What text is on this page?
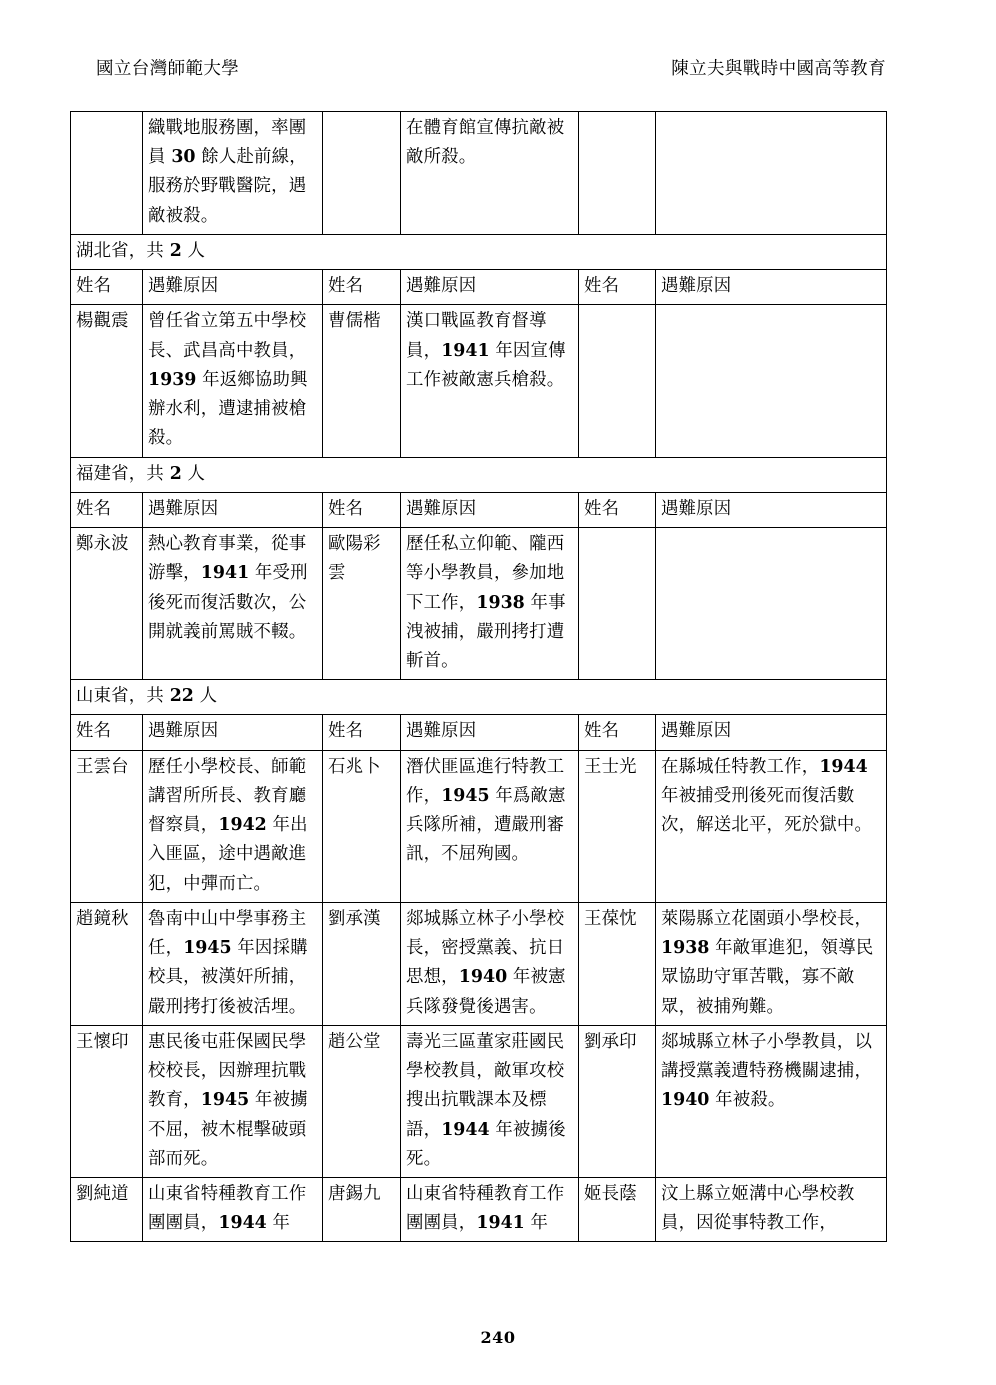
國立台灣師範大學	陳立夫與戰時中國高等教育
	織戰地服務團，率團員 30 餘人赴前線，服務於野戰醫院，遇敵被殺。		在體育館宣傳抗敵被敵所殺。		
湖北省，共 2 人					
姓名	遇難原因	姓名	遇難原因	姓名	遇難原因
楊觀震	曾任省立第五中學校長、武昌高中教員，1939 年返鄉協助興辦水利，遭逮捕被槍殺。	曹儒楷	漢口戰區教育督導員，1941 年因宣傳工作被敵憲兵槍殺。		
福建省，共 2 人					
姓名	遇難原因	姓名	遇難原因	姓名	遇難原因
鄭永波	熱心教育事業，從事游擊，1941 年受刑後死而復活數次，公開就義前罵賊不輟。	歐陽彩雲	歷任私立仰範、隴西等小學教員，參加地下工作，1938 年事洩被捕，嚴刑拷打遭斬首。		
山東省，共 22 人					
姓名	遇難原因	姓名	遇難原因	姓名	遇難原因
王雲台	歷任小學校長、師範講習所所長、教育廳督察員，1942 年出入匪區，途中遇敵進犯，中彈而亡。	石兆卜	潛伏匪區進行特教工作，1945 年爲敵憲兵隊所補，遭嚴刑審訊，不屈殉國。	王士光	在縣城任特教工作，1944 年被捕受刑後死而復活數次，解送北平，死於獄中。
趙鏡秋	魯南中山中學事務主任，1945 年因採購校具，被漢奸所捕，嚴刑拷打後被活埋。	劉承漢	郯城縣立林子小學校長，密授黨義、抗日思想，1940 年被憲兵隊發覺後遇害。	王葆忱	萊陽縣立花園頭小學校長，1938 年敵軍進犯，領導民眾協助守軍苦戰，寡不敵眾，被捕殉難。
王懷印	惠民後屯莊保國民學校校長，因辦理抗戰教育，1945 年被擄不屈，被木棍擊破頭部而死。	趙公堂	壽光三區董家莊國民學校教員，敵軍攻校搜出抗戰課本及標語，1944 年被擄後死。	劉承印	郯城縣立林子小學教員，以講授黨義遭特務機關逮捕，1940 年被殺。
劉純道	山東省特種教育工作團團員，1944 年	唐錫九	山東省特種教育工作團團員，1941 年	姬長蔭	汶上縣立姬溝中心學校教員，因從事特教工作，
240
